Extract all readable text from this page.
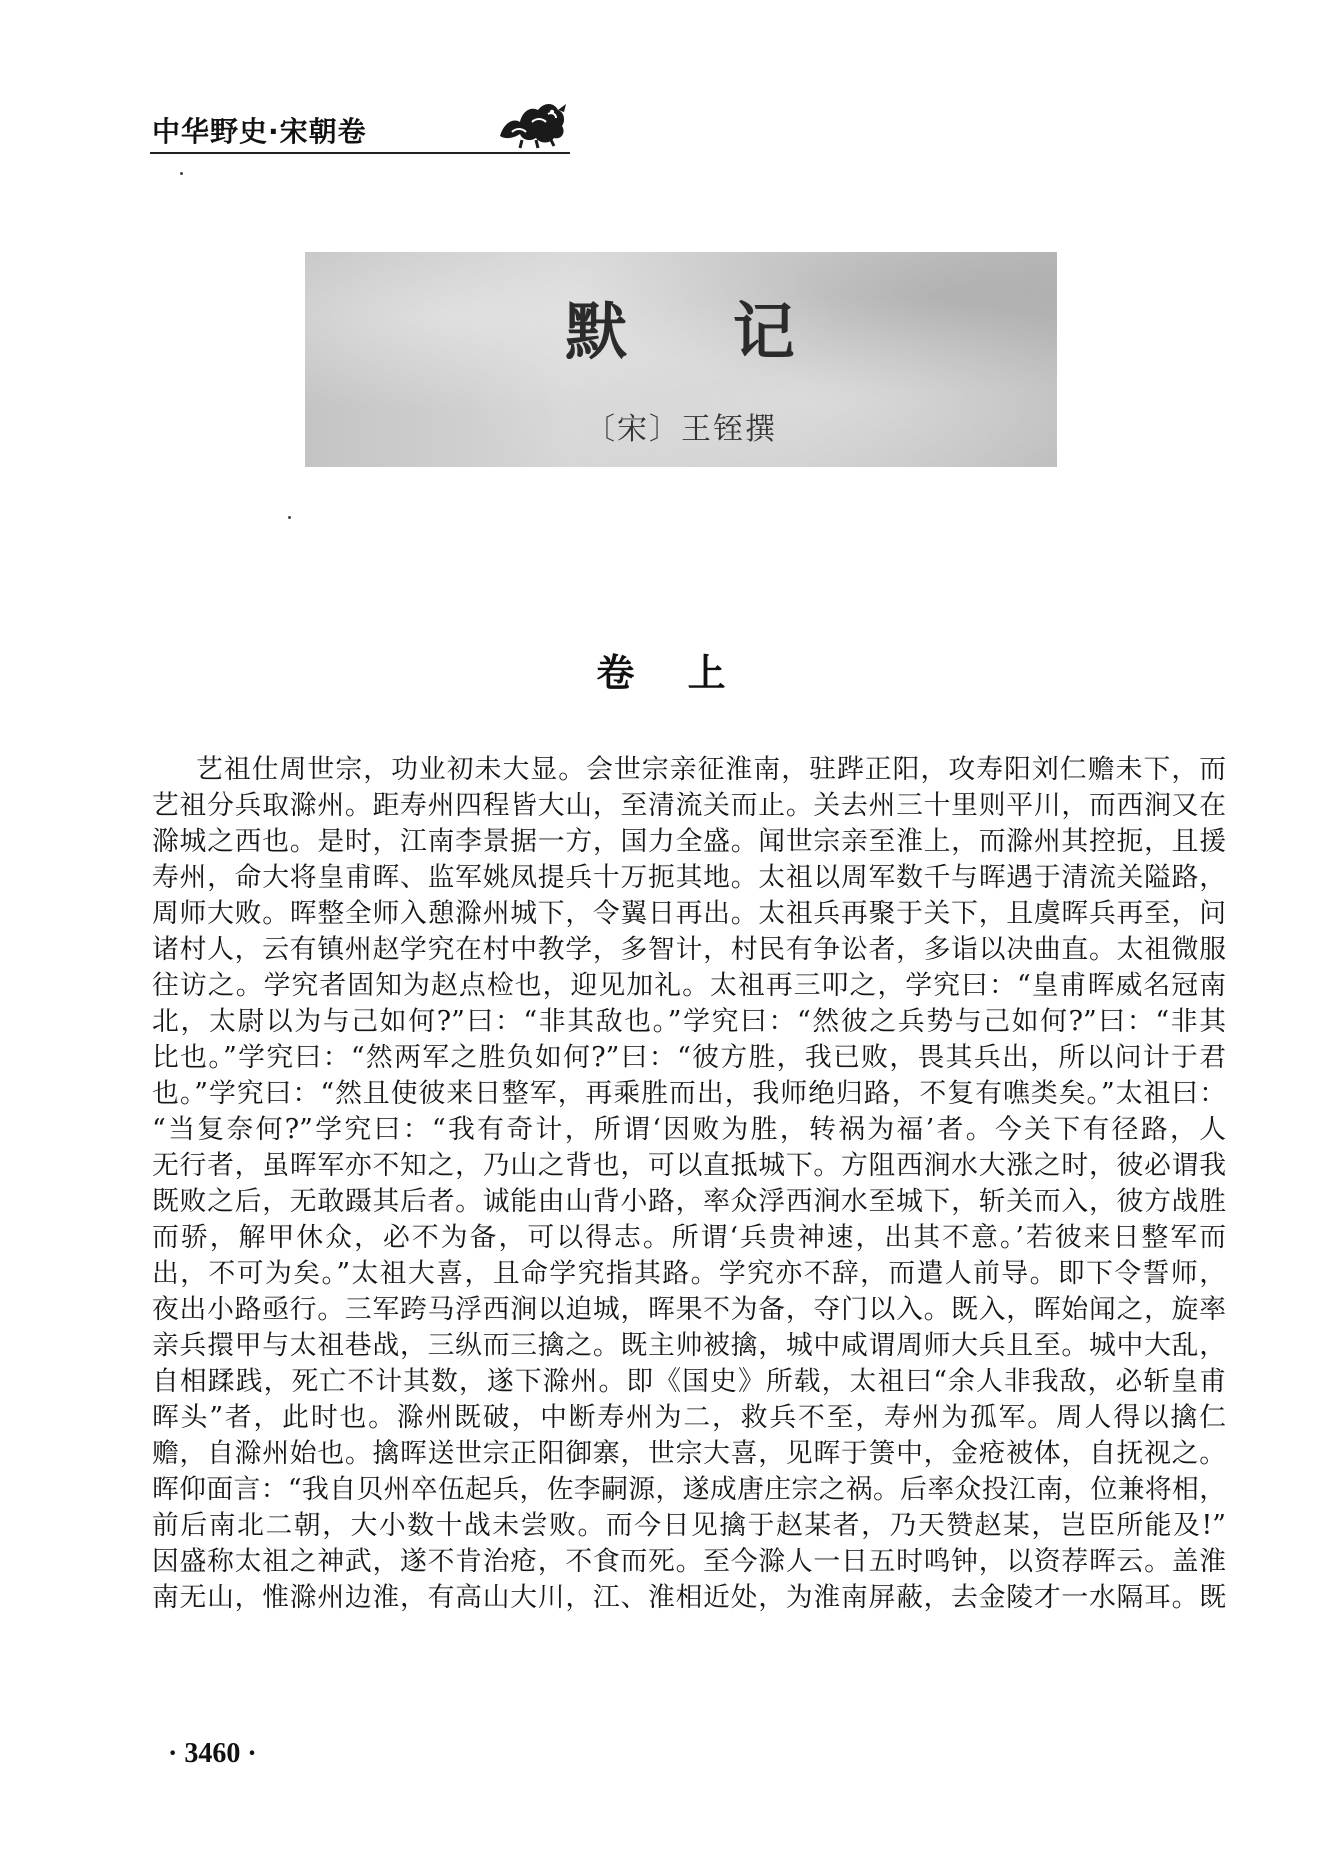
中华野史·宋朝卷
默 记
〔宋〕王铚撰
卷 上
艺祖仕周世宗，功业初未大显。会世宗亲征淮南，驻跸正阳，攻寿阳刘仁赡未下，而
艺祖分兵取滁州。距寿州四程皆大山，至清流关而止。关去州三十里则平川，而西涧又在
滁城之西也。是时，江南李景据一方，国力全盛。闻世宗亲至淮上，而滁州其控扼，且援
寿州，命大将皇甫晖、监军姚凤提兵十万扼其地。太祖以周军数千与晖遇于清流关隘路，
周师大败。晖整全师入憩滁州城下，令翼日再出。太祖兵再聚于关下，且虞晖兵再至，问
诸村人，云有镇州赵学究在村中教学，多智计，村民有争讼者，多诣以决曲直。太祖微服
往访之。学究者固知为赵点检也，迎见加礼。太祖再三叩之，学究曰：“皇甫晖威名冠南
北，太尉以为与己如何?”曰：“非其敌也。”学究曰：“然彼之兵势与己如何?”曰：“非其
比也。”学究曰：“然两军之胜负如何?”曰：“彼方胜，我已败，畏其兵出，所以问计于君
也。”学究曰：“然且使彼来日整军，再乘胜而出，我师绝归路，不复有噍类矣。”太祖曰：
“当复奈何?”学究曰：“我有奇计，所谓‘因败为胜，转祸为福’者。今关下有径路，人
无行者，虽晖军亦不知之，乃山之背也，可以直抵城下。方阻西涧水大涨之时，彼必谓我
既败之后，无敢蹑其后者。诚能由山背小路，率众浮西涧水至城下，斩关而入，彼方战胜
而骄，解甲休众，必不为备，可以得志。所谓‘兵贵神速，出其不意。’若彼来日整军而
出，不可为矣。”太祖大喜，且命学究指其路。学究亦不辞，而遣人前导。即下令誓师，
夜出小路亟行。三军跨马浮西涧以迫城，晖果不为备，夺门以入。既入，晖始闻之，旋率
亲兵擐甲与太祖巷战，三纵而三擒之。既主帅被擒，城中咸谓周师大兵且至。城中大乱，
自相蹂践，死亡不计其数，遂下滁州。即《国史》所载，太祖曰“余人非我敌，必斩皇甫
晖头”者，此时也。滁州既破，中断寿州为二，救兵不至，寿州为孤军。周人得以擒仁
赡，自滁州始也。擒晖送世宗正阳御寨，世宗大喜，见晖于箦中，金疮被体，自抚视之。
晖仰面言：“我自贝州卒伍起兵，佐李嗣源，遂成唐庄宗之祸。后率众投江南，位兼将相，
前后南北二朝，大小数十战未尝败。而今日见擒于赵某者，乃天赞赵某，岂臣所能及!”
因盛称太祖之神武，遂不肯治疮，不食而死。至今滁人一日五时鸣钟，以资荐晖云。盖淮
南无山，惟滁州边淮，有高山大川，江、淮相近处，为淮南屏蔽，去金陵才一水隔耳。既
· 3460 ·
